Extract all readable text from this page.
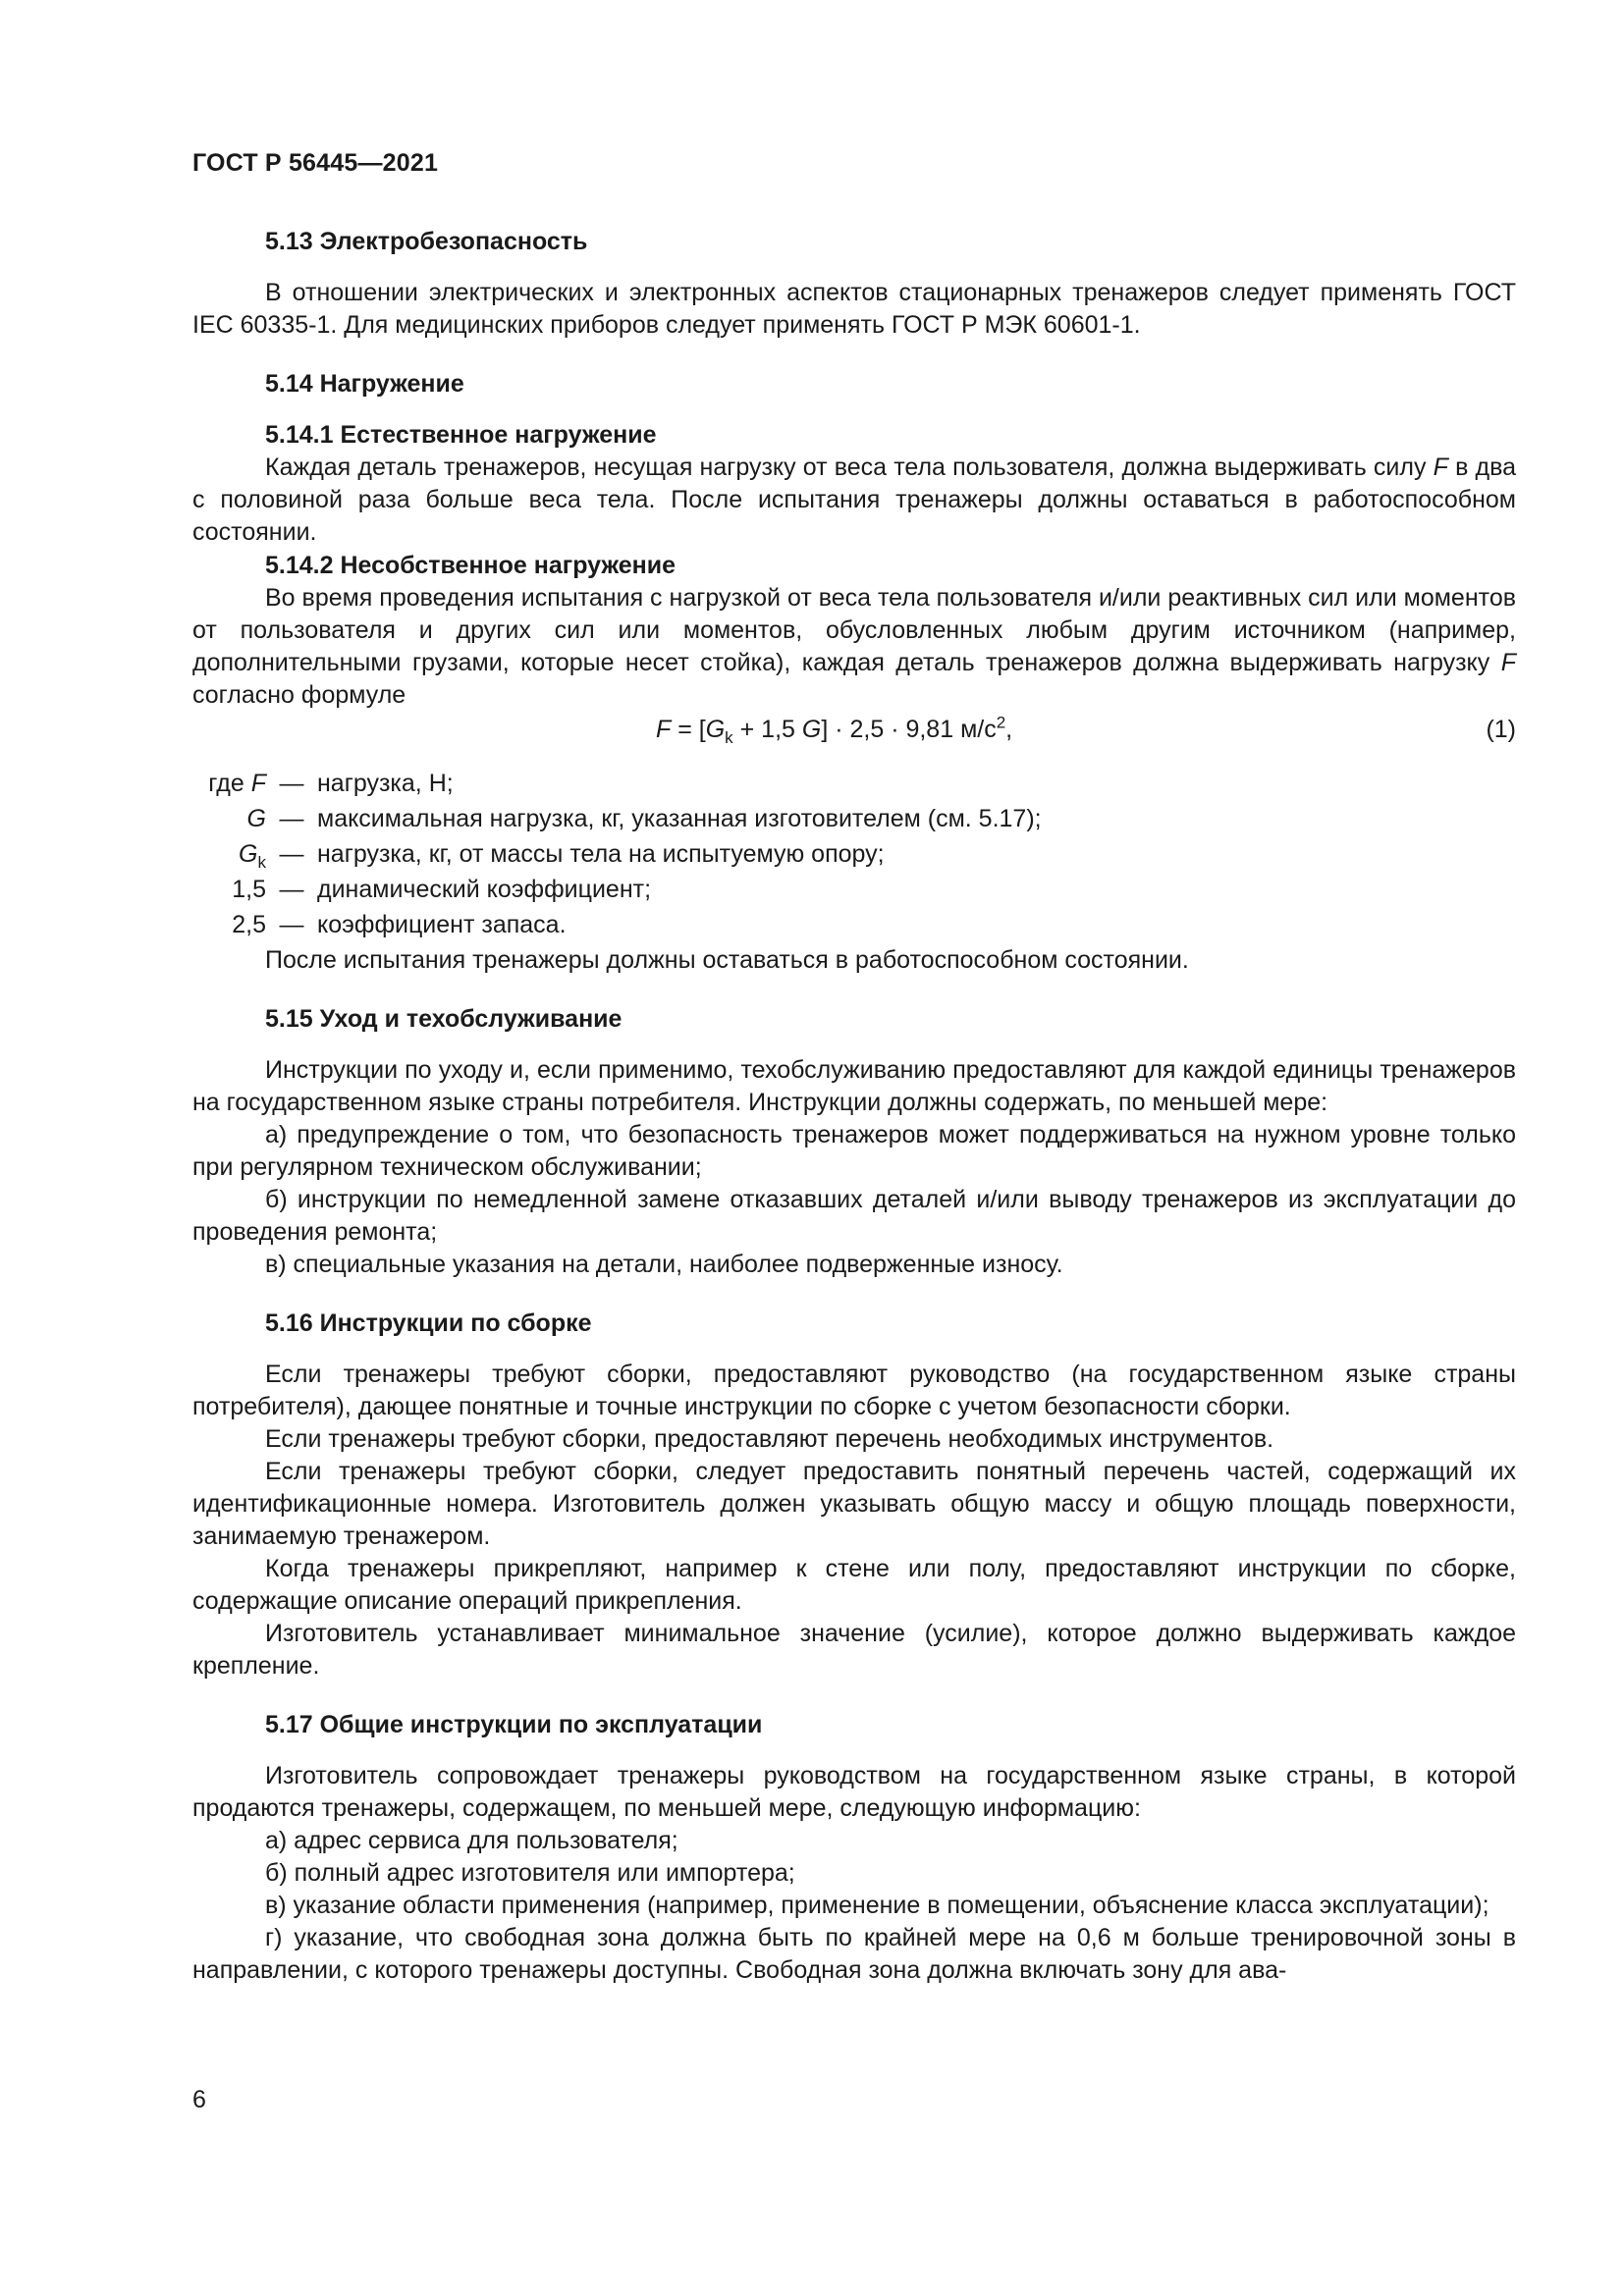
ГОСТ Р 56445—2021

5.13 Электробезопасность

В отношении электрических и электронных аспектов стационарных тренажеров следует применять ГОСТ IEC 60335-1. Для медицинских приборов следует применять ГОСТ Р МЭК 60601-1.

5.14 Нагружение

5.14.1 Естественное нагружение

Каждая деталь тренажеров, несущая нагрузку от веса тела пользователя, должна выдерживать силу F в два с половиной раза больше веса тела. После испытания тренажеры должны оставаться в работоспособном состоянии.

5.14.2 Несобственное нагружение

Во время проведения испытания с нагрузкой от веса тела пользователя и/или реактивных сил или моментов от пользователя и других сил или моментов, обусловленных любым другим источником (например, дополнительными грузами, которые несет стойка), каждая деталь тренажеров должна выдерживать нагрузку F согласно формуле

$F = [G_k + 1,5$ G] · 2,5 · 9,81 $м/с^2$,	(1)
где F — нагрузка, Н;
G — максимальная нагрузка, кг, указанная изготовителем (см. 5.17);
$G_k$ — нагрузка, кг, от массы тела на испытуемую опору;
1,5 — динамический коэффициент;
2,5 — коэффициент запаса.

После испытания тренажеры должны оставаться в работоспособном состоянии.

5.15 Уход и техобслуживание

Инструкции по уходу и, если применимо, техобслуживанию предоставляют для каждой единицы тренажеров на государственном языке страны потребителя. Инструкции должны содержать, по меньшей мере:

а) предупреждение о том, что безопасность тренажеров может поддерживаться на нужном уровне только при регулярном техническом обслуживании;

б) инструкции по немедленной замене отказавших деталей и/или выводу тренажеров из эксплуатации до проведения ремонта;

в) специальные указания на детали, наиболее подверженные износу.

5.16 Инструкции по сборке

Если тренажеры требуют сборки, предоставляют руководство (на государственном языке страны потребителя), дающее понятные и точные инструкции по сборке с учетом безопасности сборки.

Если тренажеры требуют сборки, предоставляют перечень необходимых инструментов.

Если тренажеры требуют сборки, следует предоставить понятный перечень частей, содержащий их идентификационные номера. Изготовитель должен указывать общую массу и общую площадь поверхности, занимаемую тренажером.

Когда тренажеры прикрепляют, например к стене или полу, предоставляют инструкции по сборке, содержащие описание операций прикрепления.

Изготовитель устанавливает минимальное значение (усилие), которое должно выдерживать каждое крепление.

5.17 Общие инструкции по эксплуатации

Изготовитель сопровождает тренажеры руководством на государственном языке страны, в которой продаются тренажеры, содержащем, по меньшей мере, следующую информацию:

а) адрес сервиса для пользователя;

б) полный адрес изготовителя или импортера;

в) указание области применения (например, применение в помещении, объяснение класса эксплуатации);

г) указание, что свободная зона должна быть по крайней мере на 0,6 м больше тренировочной зоны в направлении, с которого тренажеры доступны. Свободная зона должна включать зону для ава-

6
